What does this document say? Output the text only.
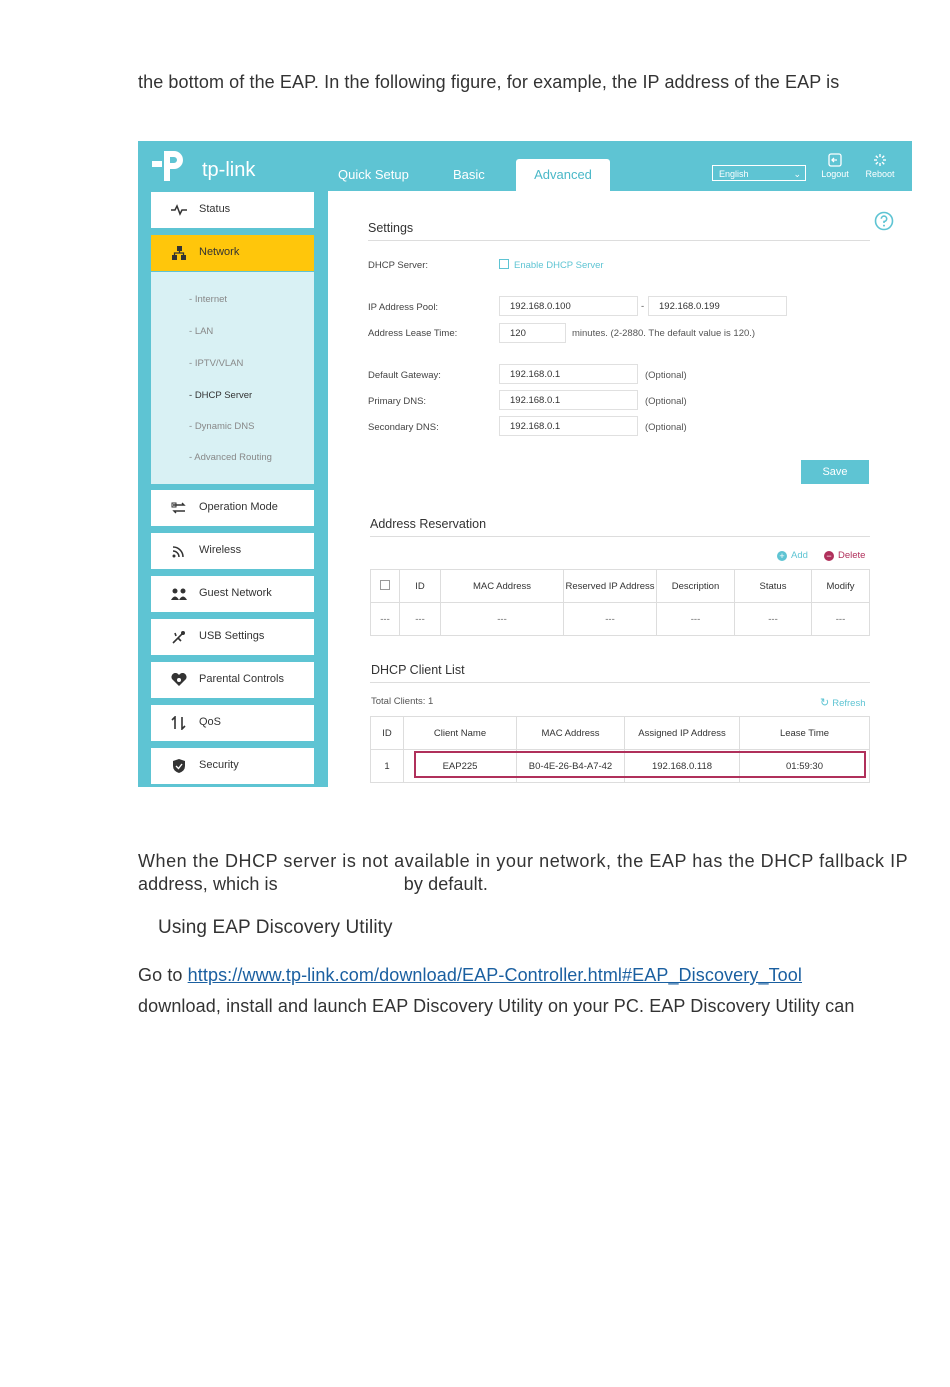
the bottom of the EAP. In the following figure, for example, the IP address of the EAP is
tp-link	Quick Setup	Basic	Advanced	English	⌄	Logout	Reboot
Status
Network
- Internet
- LAN
- IPTV/VLAN
- DHCP Server
- Dynamic DNS
- Advanced Routing
Operation Mode
Wireless
Guest Network
USB Settings
Parental Controls
QoS
Security
Settings
DHCP Server:	Enable DHCP Server
IP Address Pool:	192.168.0.100	-	192.168.0.199
Address Lease Time:	120	minutes. (2-2880. The default value is 120.)
Default Gateway:	192.168.0.1	(Optional)
Primary DNS:	192.168.0.1	(Optional)
Secondary DNS:	192.168.0.1	(Optional)
Save
Address Reservation
+ Add − Delete
	ID	MAC Address	Reserved IP Address	Description	Status	Modify
---	---	---	---	---	---	---
DHCP Client List
Total Clients: 1	↻ Refresh
ID	Client Name	MAC Address	Assigned IP Address	Lease Time
1	EAP225	B0-4E-26-B4-A7-42	192.168.0.118	01:59:30
When the DHCP server is not available in your network, the EAP has the DHCP fallback IP
address, which is	by default.
Using EAP Discovery Utility
Go to https://www.tp-link.com/download/EAP-Controller.html#EAP_Discovery_Tool
download, install and launch EAP Discovery Utility on your PC. EAP Discovery Utility can
